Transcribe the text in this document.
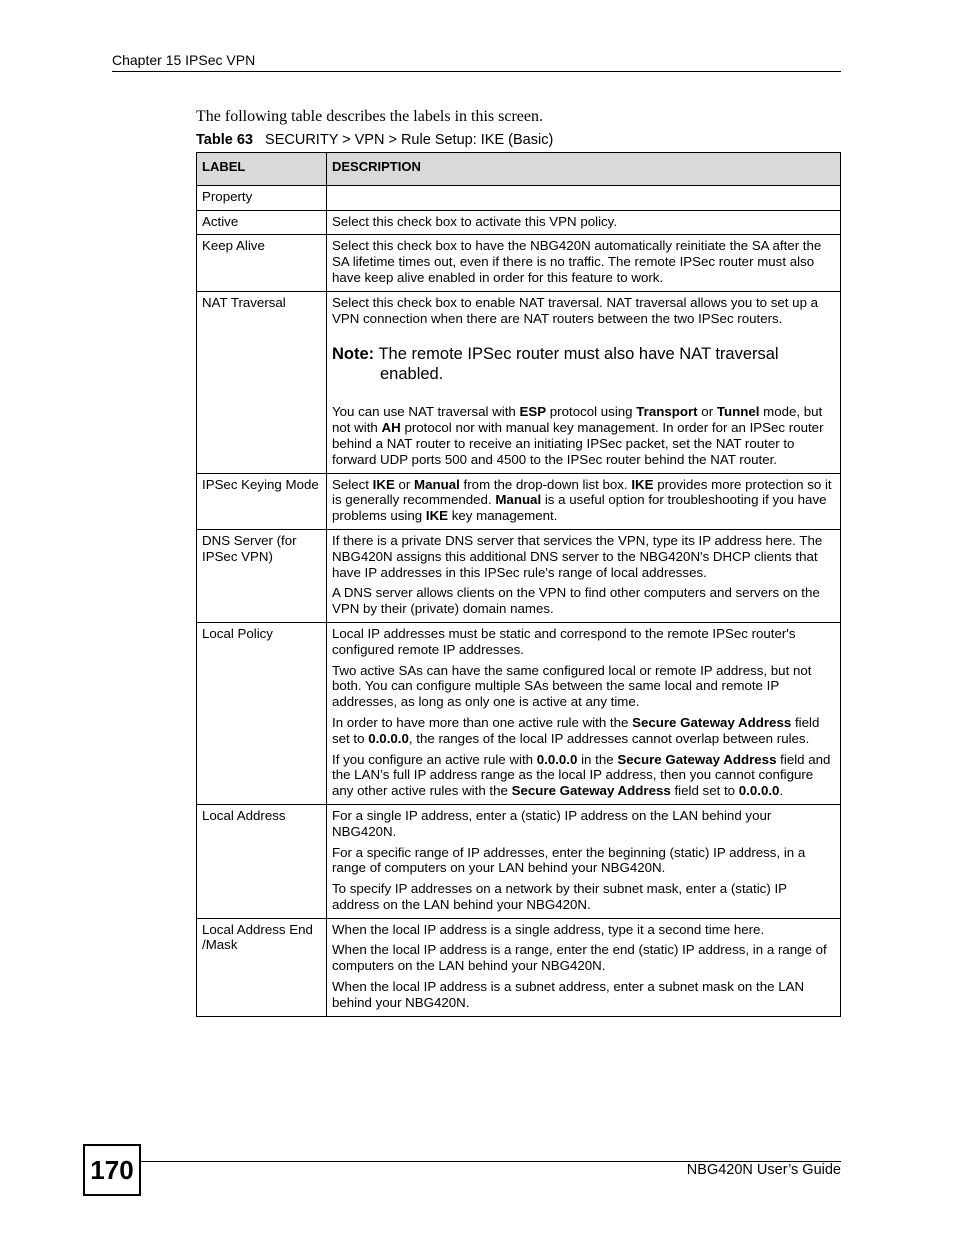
Chapter 15 IPSec VPN
The following table describes the labels in this screen.
Table 63 SECURITY > VPN > Rule Setup: IKE (Basic)
LABEL	DESCRIPTION
Property	
Active	Select this check box to activate this VPN policy.

Keep Alive	Select this check box to have the NBG420N automatically reinitiate the SA after the SA lifetime times out, even if there is no traffic. The remote IPSec router must also have keep alive enabled in order for this feature to work.

NAT Traversal	Select this check box to enable NAT traversal. NAT traversal allows you to set up a VPN connection when there are NAT routers between the two IPSec routers.
Note: The remote IPSec router must also have NAT traversal enabled.
You can use NAT traversal with ESP protocol using Transport or Tunnel mode, but not with AH protocol nor with manual key management. In order for an IPSec router behind a NAT router to receive an initiating IPSec packet, set the NAT router to forward UDP ports 500 and 4500 to the IPSec router behind the NAT router.

IPSec Keying Mode	Select IKE or Manual from the drop-down list box. IKE provides more protection so it is generally recommended. Manual is a useful option for troubleshooting if you have problems using IKE key management.

DNS Server (for IPSec VPN)	If there is a private DNS server that services the VPN, type its IP address here. The NBG420N assigns this additional DNS server to the NBG420N's DHCP clients that have IP addresses in this IPSec rule's range of local addresses.
A DNS server allows clients on the VPN to find other computers and servers on the VPN by their (private) domain names.

Local Policy	Local IP addresses must be static and correspond to the remote IPSec router's configured remote IP addresses.
Two active SAs can have the same configured local or remote IP address, but not both. You can configure multiple SAs between the same local and remote IP addresses, as long as only one is active at any time.
In order to have more than one active rule with the Secure Gateway Address field set to 0.0.0.0, the ranges of the local IP addresses cannot overlap between rules.
If you configure an active rule with 0.0.0.0 in the Secure Gateway Address field and the LAN’s full IP address range as the local IP address, then you cannot configure any other active rules with the Secure Gateway Address field set to 0.0.0.0.

Local Address	For a single IP address, enter a (static) IP address on the LAN behind your NBG420N.
For a specific range of IP addresses, enter the beginning (static) IP address, in a range of computers on your LAN behind your NBG420N.
To specify IP addresses on a network by their subnet mask, enter a (static) IP address on the LAN behind your NBG420N.

Local Address End /Mask	When the local IP address is a single address, type it a second time here.
When the local IP address is a range, enter the end (static) IP address, in a range of computers on the LAN behind your NBG420N.
When the local IP address is a subnet address, enter a subnet mask on the LAN behind your NBG420N.
170	NBG420N User’s Guide
